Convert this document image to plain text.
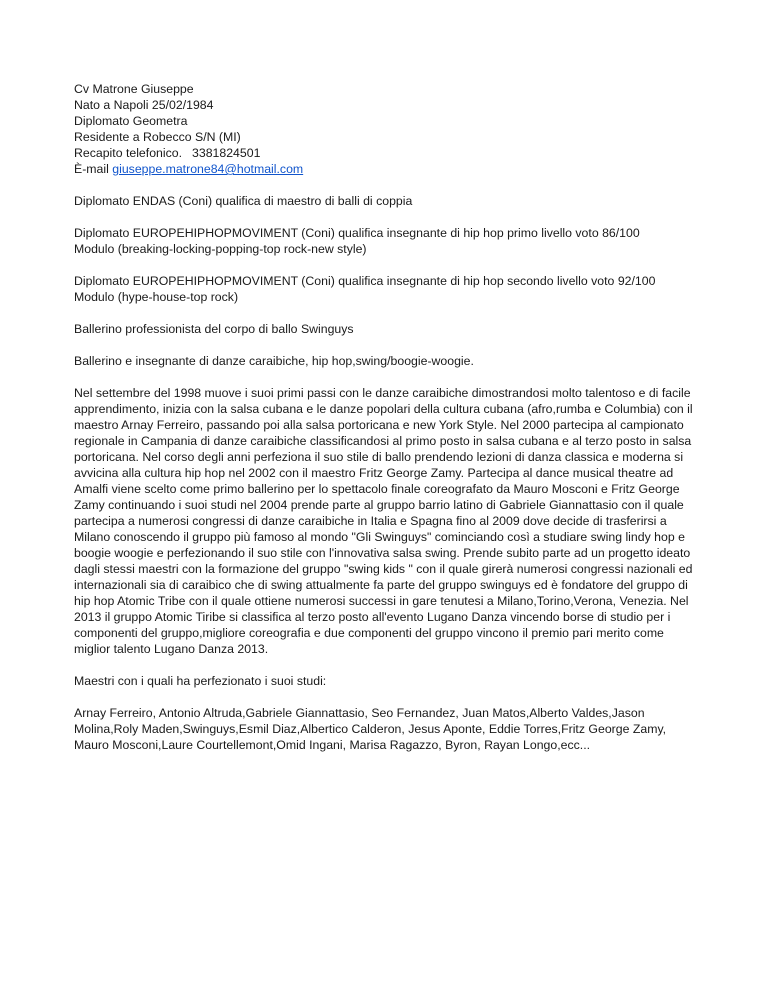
Cv Matrone Giuseppe
Nato a Napoli 25/02/1984
Diplomato Geometra
Residente a Robecco S/N (MI)
Recapito telefonico. 3381824501
È-mail giuseppe.matrone84@hotmail.com
Diplomato ENDAS (Coni) qualifica di maestro di balli di coppia
Diplomato EUROPEHIPHOPMOVIMENT (Coni) qualifica insegnante di hip hop primo livello voto 86/100
Modulo (breaking-locking-popping-top rock-new style)
Diplomato EUROPEHIPHOPMOVIMENT (Coni) qualifica insegnante di hip hop secondo livello voto 92/100
Modulo (hype-house-top rock)
Ballerino professionista del corpo di ballo Swinguys
Ballerino e insegnante di danze caraibiche, hip hop,swing/boogie-woogie.
Nel settembre del 1998 muove i suoi primi passi con le danze caraibiche dimostrandosi molto talentoso e di facile
apprendimento, inizia con la salsa cubana e le danze popolari della cultura cubana (afro,rumba e Columbia) con il
maestro Arnay Ferreiro, passando poi alla salsa portoricana e new York Style. Nel 2000 partecipa al campionato
regionale in Campania di danze caraibiche classificandosi al primo posto in salsa cubana e al terzo posto in salsa
portoricana. Nel corso degli anni perfeziona il suo stile di ballo prendendo lezioni di danza classica e moderna si
avvicina alla cultura hip hop nel 2002 con il maestro Fritz George Zamy. Partecipa al dance musical theatre ad
Amalfi viene scelto come primo ballerino per lo spettacolo finale coreografato da Mauro Mosconi e Fritz George
Zamy continuando i suoi studi nel 2004 prende parte al gruppo barrio latino di Gabriele Giannattasio con il quale
partecipa a numerosi congressi di danze caraibiche in Italia e Spagna fino al 2009 dove decide di trasferirsi a
Milano conoscendo il gruppo più famoso al mondo "Gli Swinguys" cominciando così a studiare swing lindy hop e
boogie woogie e perfezionando il suo stile con l'innovativa salsa swing. Prende subito parte ad un progetto ideato
dagli stessi maestri con la formazione del gruppo "swing kids " con il quale girerà numerosi congressi nazionali ed
internazionali sia di caraibico che di swing attualmente fa parte del gruppo swinguys ed è fondatore del gruppo di
hip hop Atomic Tribe con il quale ottiene numerosi successi in gare tenutesi a Milano,Torino,Verona, Venezia. Nel
2013 il gruppo Atomic Tiribe si classifica al terzo posto all'evento Lugano Danza vincendo borse di studio per i
componenti del gruppo,migliore coreografia e due componenti del gruppo vincono il premio pari merito come
miglior talento Lugano Danza 2013.
Maestri con i quali ha perfezionato i suoi studi:
Arnay Ferreiro, Antonio Altruda,Gabriele Giannattasio, Seo Fernandez, Juan Matos,Alberto Valdes,Jason
Molina,Roly Maden,Swinguys,Esmil Diaz,Albertico Calderon, Jesus Aponte, Eddie Torres,Fritz George Zamy,
Mauro Mosconi,Laure Courtellemont,Omid Ingani, Marisa Ragazzo, Byron, Rayan Longo,ecc...
